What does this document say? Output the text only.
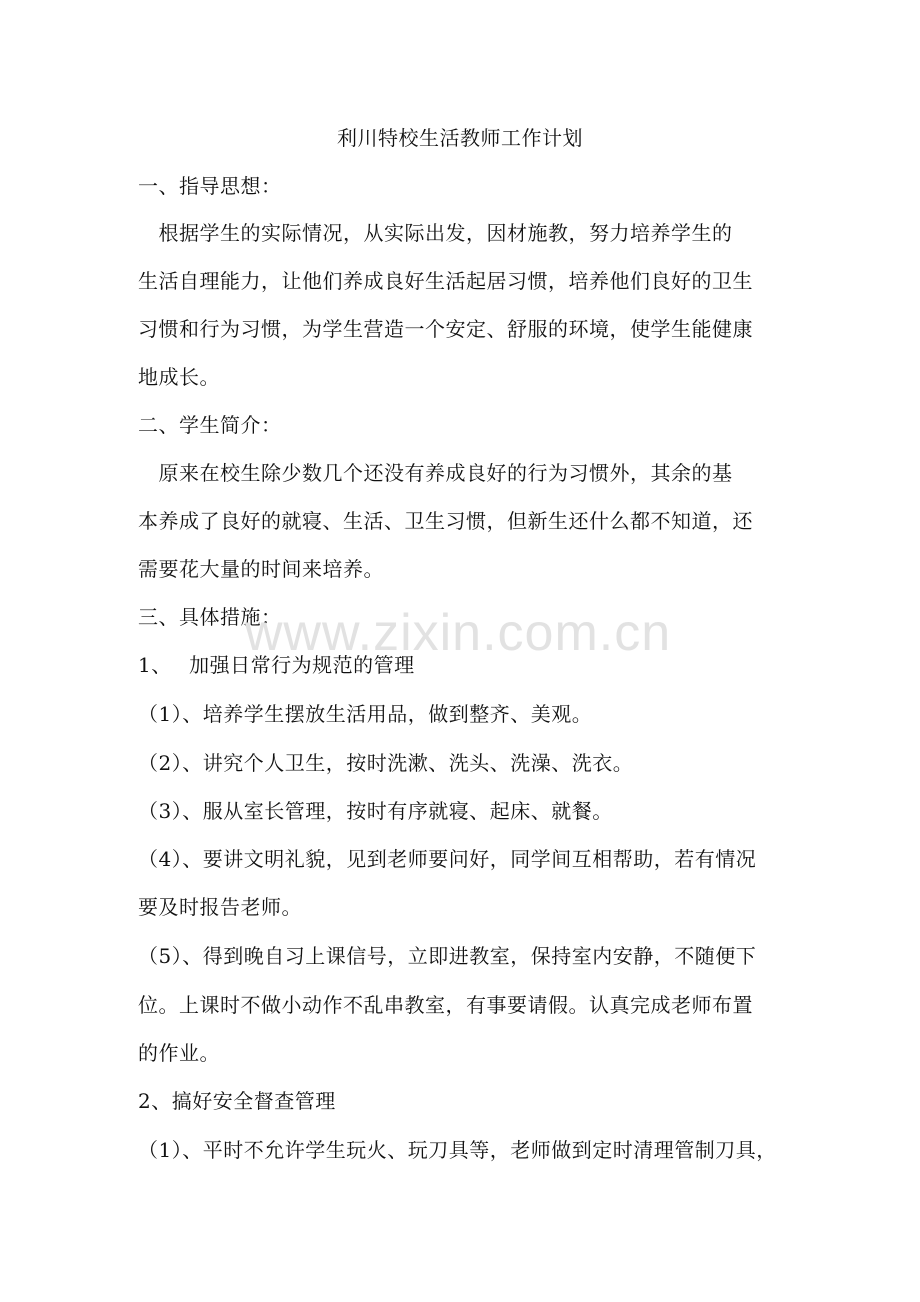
利川特校生活教师工作计划
一、指导思想：
　根据学生的实际情况，从实际出发，因材施教，努力培养学生的
生活自理能力，让他们养成良好生活起居习惯，培养他们良好的卫生
习惯和行为习惯，为学生营造一个安定、舒服的环境，使学生能健康
地成长。
二、学生简介：
　原来在校生除少数几个还没有养成良好的行为习惯外，其余的基
本养成了良好的就寝、生活、卫生习惯，但新生还什么都不知道，还
需要花大量的时间来培养。
三、具体措施：
1、　 加强日常行为规范的管理
（1）、培养学生摆放生活用品，做到整齐、美观。
（2）、讲究个人卫生，按时洗漱、洗头、洗澡、洗衣。
（3）、服从室长管理，按时有序就寝、起床、就餐。
（4）、要讲文明礼貌，见到老师要问好，同学间互相帮助，若有情况
要及时报告老师。
（5）、得到晚自习上课信号，立即进教室，保持室内安静，不随便下
位。上课时不做小动作不乱串教室，有事要请假。认真完成老师布置
的作业。
2、搞好安全督查管理
（1）、平时不允许学生玩火、玩刀具等，老师做到定时清理管制刀具，
www.zixin.com.cn
